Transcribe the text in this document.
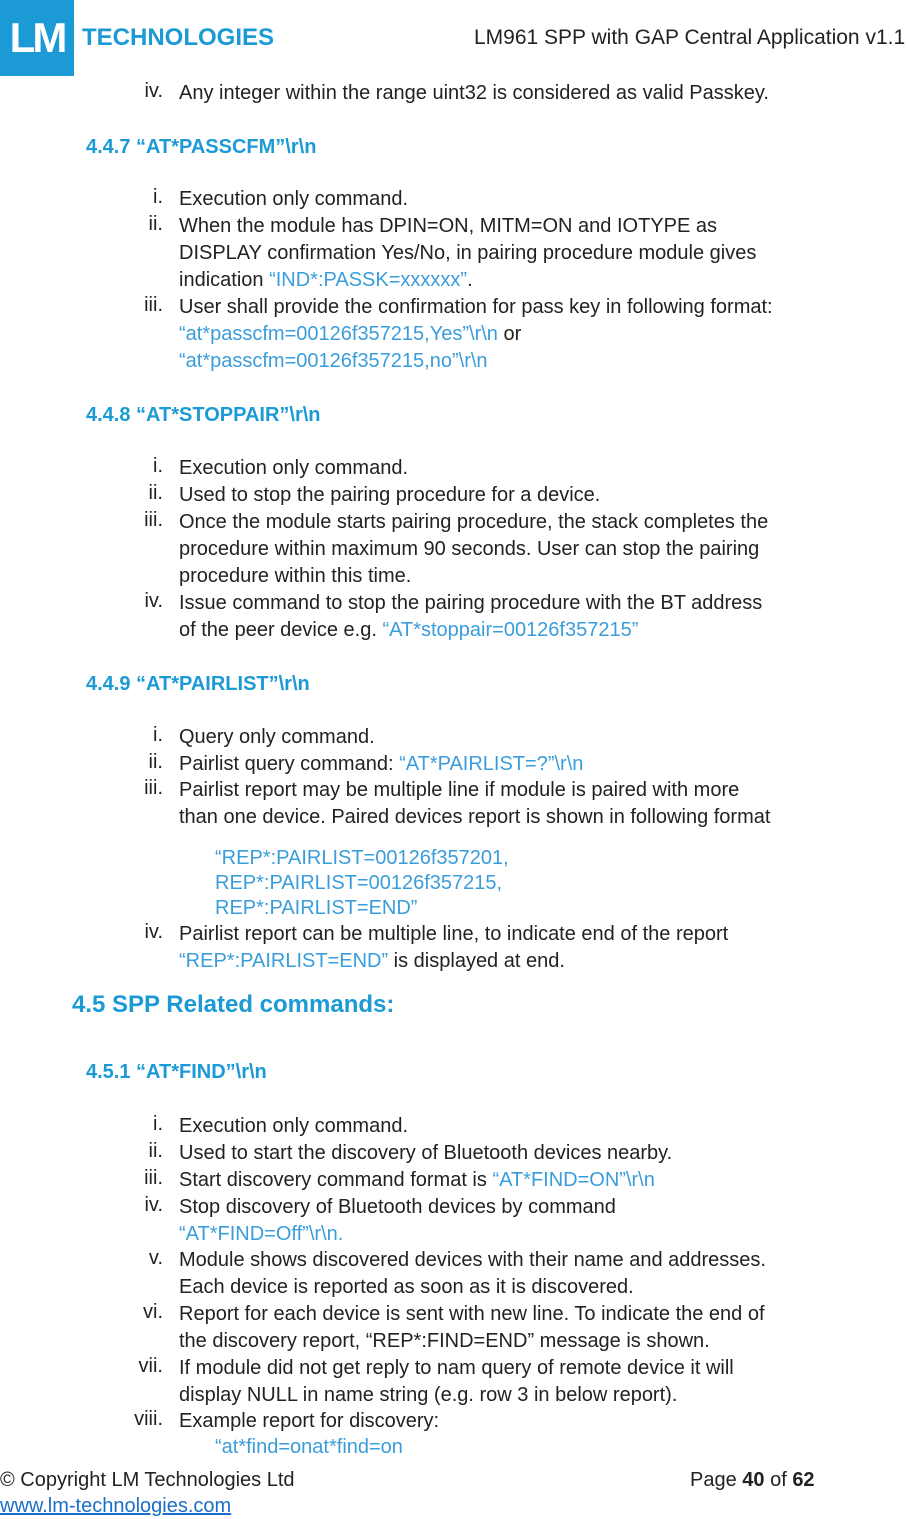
LM TECHNOLOGIES	LM961 SPP with GAP Central Application v1.1
iv. Any integer within the range uint32 is considered as valid Passkey.
4.4.7 “AT*PASSCFM”\r\n
i. Execution only command.
ii. When the module has DPIN=ON, MITM=ON and IOTYPE as
DISPLAY confirmation Yes/No, in pairing procedure module gives
indication “IND*:PASSK=xxxxxx”.
iii. User shall provide the confirmation for pass key in following format:
“at*passcfm=00126f357215,Yes”\r\n or
“at*passcfm=00126f357215,no”\r\n
4.4.8 “AT*STOPPAIR”\r\n
i. Execution only command.
ii. Used to stop the pairing procedure for a device.
iii. Once the module starts pairing procedure, the stack completes the
procedure within maximum 90 seconds. User can stop the pairing
procedure within this time.
iv. Issue command to stop the pairing procedure with the BT address
of the peer device e.g. “AT*stoppair=00126f357215”
4.4.9 “AT*PAIRLIST”\r\n
i. Query only command.
ii. Pairlist query command: “AT*PAIRLIST=?”\r\n
iii. Pairlist report may be multiple line if module is paired with more
than one device. Paired devices report is shown in following format
“REP*:PAIRLIST=00126f357201,
REP*:PAIRLIST=00126f357215,
REP*:PAIRLIST=END”
iv. Pairlist report can be multiple line, to indicate end of the report
“REP*:PAIRLIST=END” is displayed at end.
4.5 SPP Related commands:
4.5.1 “AT*FIND”\r\n
i. Execution only command.
ii. Used to start the discovery of Bluetooth devices nearby.
iii. Start discovery command format is “AT*FIND=ON”\r\n
iv. Stop discovery of Bluetooth devices by command
“AT*FIND=Off”\r\n.
v. Module shows discovered devices with their name and addresses.
Each device is reported as soon as it is discovered.
vi. Report for each device is sent with new line. To indicate the end of
the discovery report, “REP*:FIND=END” message is shown.
vii. If module did not get reply to nam query of remote device it will
display NULL in name string (e.g. row 3 in below report).
viii. Example report for discovery:
“at*find=onat*find=on
© Copyright LM Technologies Ltd
www.lm-technologies.com
Page 40 of 62
